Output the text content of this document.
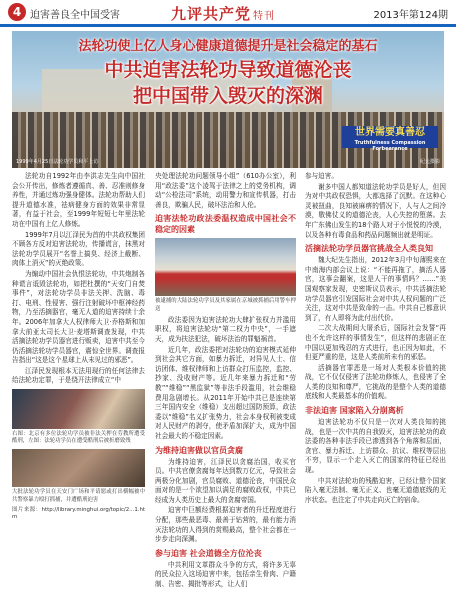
4 迫害善良全中国受害	九评共产党 特刊	2013年第124期
法轮功使上亿人身心健康道德提升是社会稳定的基石
中共迫害法轮功导致道德沦丧
把中国带入毁灭的深渊
世界需要真善忍
Truthfulness Compassion Forbearance
1999年4月25日法轮功学员和平上访	纪元摄影

法轮功自1992年由李洪志先生向中国社会公开传出，修炼者遵循真、善、忍准则修身养性，并通过炼功强身健体。法轮功帮助人们提升道德水准，祛病健身方面的效果非常显著，有益于社会，至1999年短短七年里法轮功在中国有上亿人修炼。

1999年7月以江泽民为首的中共政权集团不顾各方反对迫害法轮功，传播谎言，抹黑对法轮功学员展开“名誉上搞臭、经济上截断、肉体上消灭”的灭绝政策。

为煽动中国社会仇恨法轮功，中共炮制各种谎言诋毁法轮功，如把杜撰的“天安门自焚事件”，对法轮功学员非法关押、洗脑、毒打、电刑、性侵害、强行注射破坏中枢神经药物，乃至活摘器官，毫无人道的迫害持续十余年。2006年加拿大人权律师大卫·乔格斯和加拿大前亚太司长大卫·麦塔斯调查发现，中共活摘法轮功学员器官进行贩卖，迫害中共至今仍活摘法轮功学员器官，震惊全世界。调查报告指出“这是这个星球上从未见过的邪恶”。

江泽民发现根本无法用现行的任何法律去给法轮功定罪，于是绕开法律成立“中

右图：北京有多位法轮功学员被非法关押在劳教所遭受酷刑，左图：法轮功学员在遭受酷刑后被折磨致残
大批法轮功学员在天安门广场和平请愿或打出横幅被中共警察暴力殴打抓捕，并遭酷刑迫害
图片来源：http://library.minghui.org/topic/2...1.htm

央处理法轮功问题领导小组”（610办公室），利用“政法委”这个凌驾于法律之上的党务机构，调动“公检法司”系统，动用警力和宣传机器，打击善良，欺骗人民，破坏法治和人伦。

迫害法轮功政法委温权造成中国社会不稳定的因素
被逮捕的大陆法轮功学员及其家属在京城被抓捕后用警车押送

政法委因为迫害法轮功大肆扩张权力并滥用职权，将迫害法轮功“第二权力中央”，一手遮天，成为扶法犯法，破坏法治的罪魁祸首。

近几年，政法委把对法轮功的迫害模式延伸到社会其它方面，如暴力拆迁，对异见人士、信访团体、维权律师和上访群众打压监控，监控、抄家、没收财产等。近几年来暴力拆迁和“劳教”“维稳”“黑监狱”等非法手段滥用，社会维稳费用急剧增长。从2011年开始中共已是连续第三年国内安全（维稳）支出超过国防预算，政法委以“维稳”名义扩张势力，社会本身权利被变成对人民财产的剥夺，使矛盾加深扩大，成为中国社会最大的不稳定因素。

为维持迫害做以官员贪腐

为维持迫害，江泽民以贪腐治国，收买官员。中共官僚贪腐每年达到数万亿元，导致社会两极分化加剧，官员腐败、道德沦丧，中国民众面对的是一个欲望加以满足的腐败政权，中共已经成为人类历史上最大的贪腐帝国。

迫害中巨额经费根据迫害者的升迁程度进行分配，那些最恶毒、最善于钻营的，最有能力消灭法轮功的人得到的赏赐最高，整个社会都在一步步走向深渊。

参与迫害 社会道德全方位沦丧

中共利用文革群众斗争的方式，将许多无辜的民众拉入这场迫害中来，包括亲生骨肉、户籍制、告密、揭批等形式，让人们

参与迫害。

谢多中国人都知道法轮功学员是好人，但因为对中共政权恐惧，大都选择了沉默。在这种心灵被扭曲，良知被麻痹的情况下，人与人之间冷漠，敬佛仗义的道德沦丧，人心失控的堕落。去年广东佛山发生的18个路人对于小悦悦的冷漠，以及各种有毒食品和药品问题频出就是明证。

活摘法轮功学员器官挑战全人类良知

魏大纪先生指出，2012年3月中旬薄熙来在中南海内部会议上说：“不能再拖了，摘活人器官，这事会翻案，这是人干的事情吗？……”美国观察家发现，史密斯议员表示，中共活摘法轮功学员器官引发国际社会对中共人权问题的广泛关注，这对中共是致命的一击。中共自己都意识到了，有人即将为此付出代价。

二次大战期间大屠杀后，国际社会发誓“再也不允许这样的事情发生”，但这样的悲剧正在中国以更加残忍的方式进行，也正因为如此，不但更严重的是，这是人类前所未有的邪恶。

活摘器官罪恶是一场对人类根本价值的挑战，它不仅仅侵害了法轮功修炼人，也侵害了全人类的良知和尊严，它挑战的是整个人类的道德底线和人类最基本的价值观。

非法迫害 国家陷入分崩离析

迫害法轮功不仅只是一次对人类良知的挑战，也是一次中共的自我毁灭，迫害法轮功的政法委的各种非法手段已渗透到各个角落和层面，贪官、暴力拆迁、上访群众、抗议、维权等层出不穷，显示一个走入灭亡的国家的特征已经出现。

中共对法轮功的残酷迫害，已经让整个国家陷入毫无法制、毫无正义、也毫无道德底线的无序状态。也注定了中共走向灭亡的宿命。
